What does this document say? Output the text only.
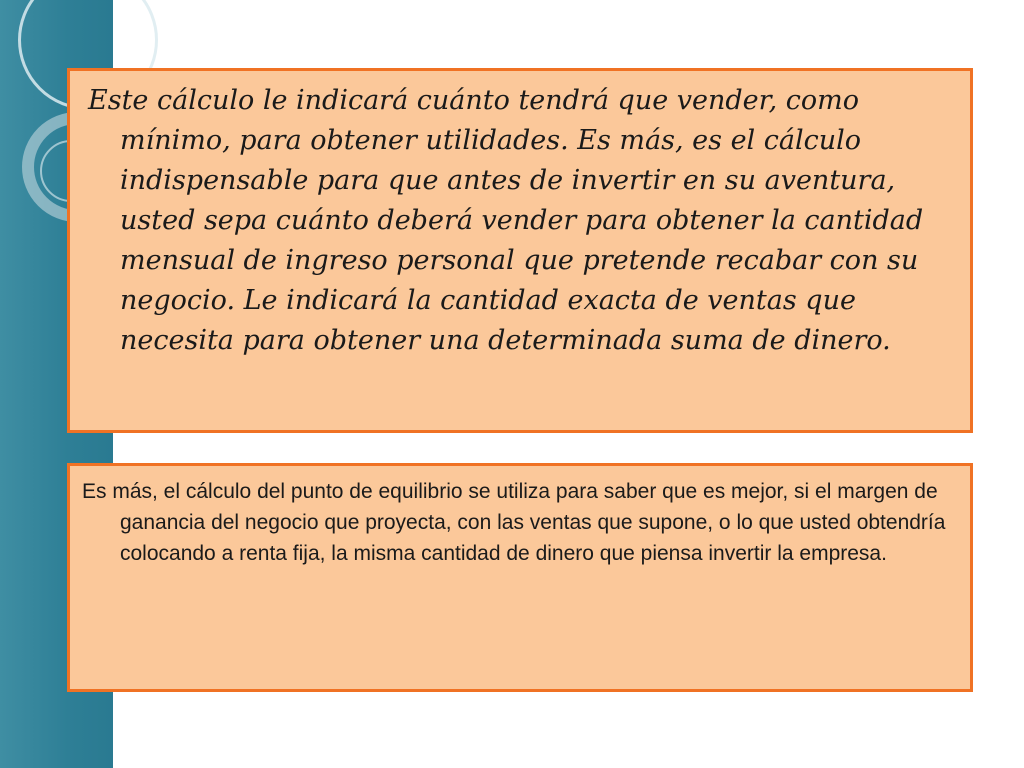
Este cálculo le indicará cuánto tendrá que vender, como mínimo, para obtener utilidades. Es más, es el cálculo indispensable para que antes de invertir en su aventura, usted sepa cuánto deberá vender para obtener la cantidad mensual de ingreso personal que pretende recabar con su negocio. Le indicará la cantidad exacta de ventas que necesita para obtener una determinada suma de dinero.

Es más, el cálculo del punto de equilibrio se utiliza para saber que es mejor, si el margen de ganancia del negocio que proyecta, con las ventas que supone, o lo que usted obtendría colocando a renta fija, la misma cantidad de dinero que piensa invertir la empresa.
